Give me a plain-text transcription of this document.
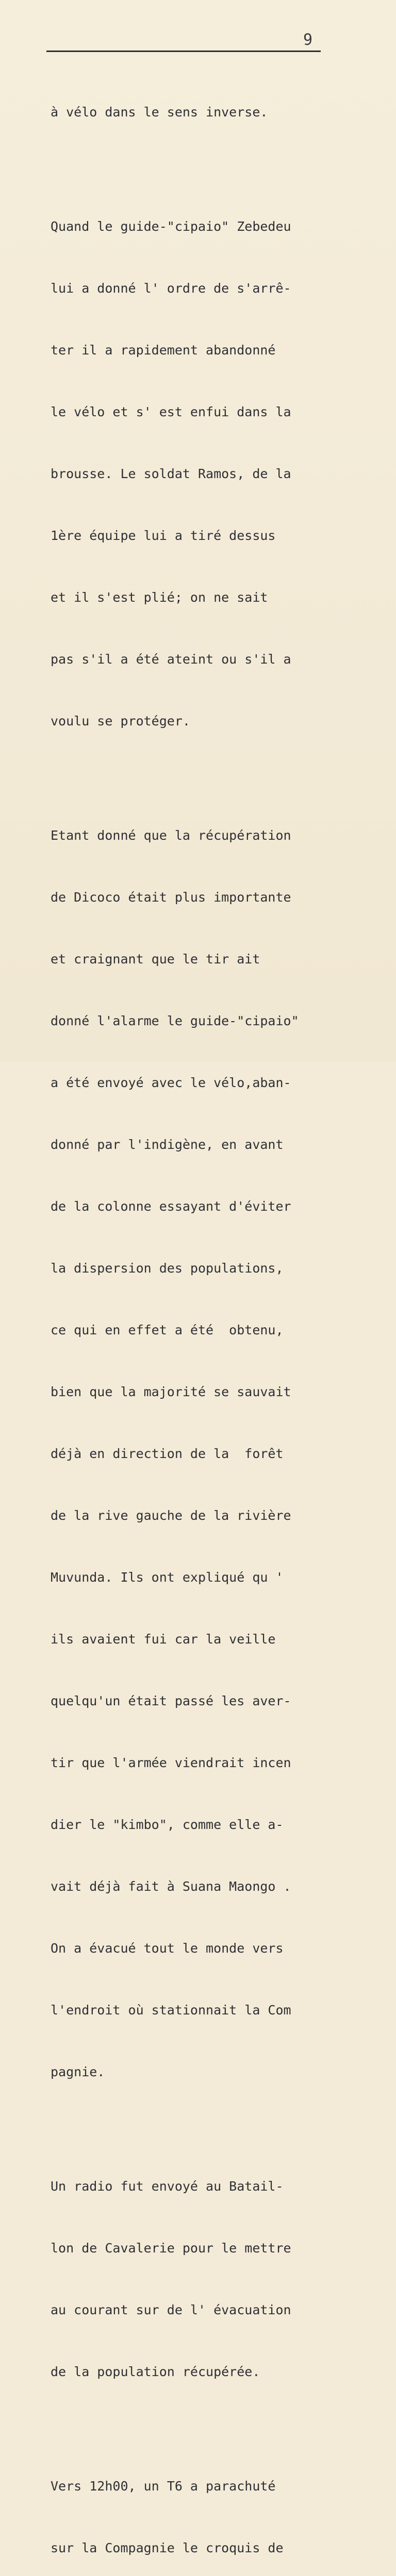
9

à vélo dans le sens inverse.

Quand le guide-"cipaio" Zebedeu

lui a donné l' ordre de s'arrê-

ter il a rapidement abandonné

le vélo et s' est enfui dans la

brousse. Le soldat Ramos, de la

1ère équipe lui a tiré dessus

et il s'est plié; on ne sait

pas s'il a été ateint ou s'il a

voulu se protéger.

Etant donné que la récupération

de Dicoco était plus importante

et craignant que le tir ait

donné l'alarme le guide-"cipaio"

a été envoyé avec le vélo,aban-

donné par l'indigène, en avant

de la colonne essayant d'éviter

la dispersion des populations,

ce qui en effet a été  obtenu,

bien que la majorité se sauvait

déjà en direction de la  forêt

de la rive gauche de la rivière

Muvunda. Ils ont expliqué qu '

ils avaient fui car la veille

quelqu'un était passé les aver-

tir que l'armée viendrait incen

dier le "kimbo", comme elle a-

vait déjà fait à Suana Maongo .

On a évacué tout le monde vers

l'endroit où stationnait la Com

pagnie.

Un radio fut envoyé au Batail-

lon de Cavalerie pour le mettre

au courant sur de l' évacuation

de la population récupérée.

Vers 12h00, un T6 a parachuté

sur la Compagnie le croquis de
